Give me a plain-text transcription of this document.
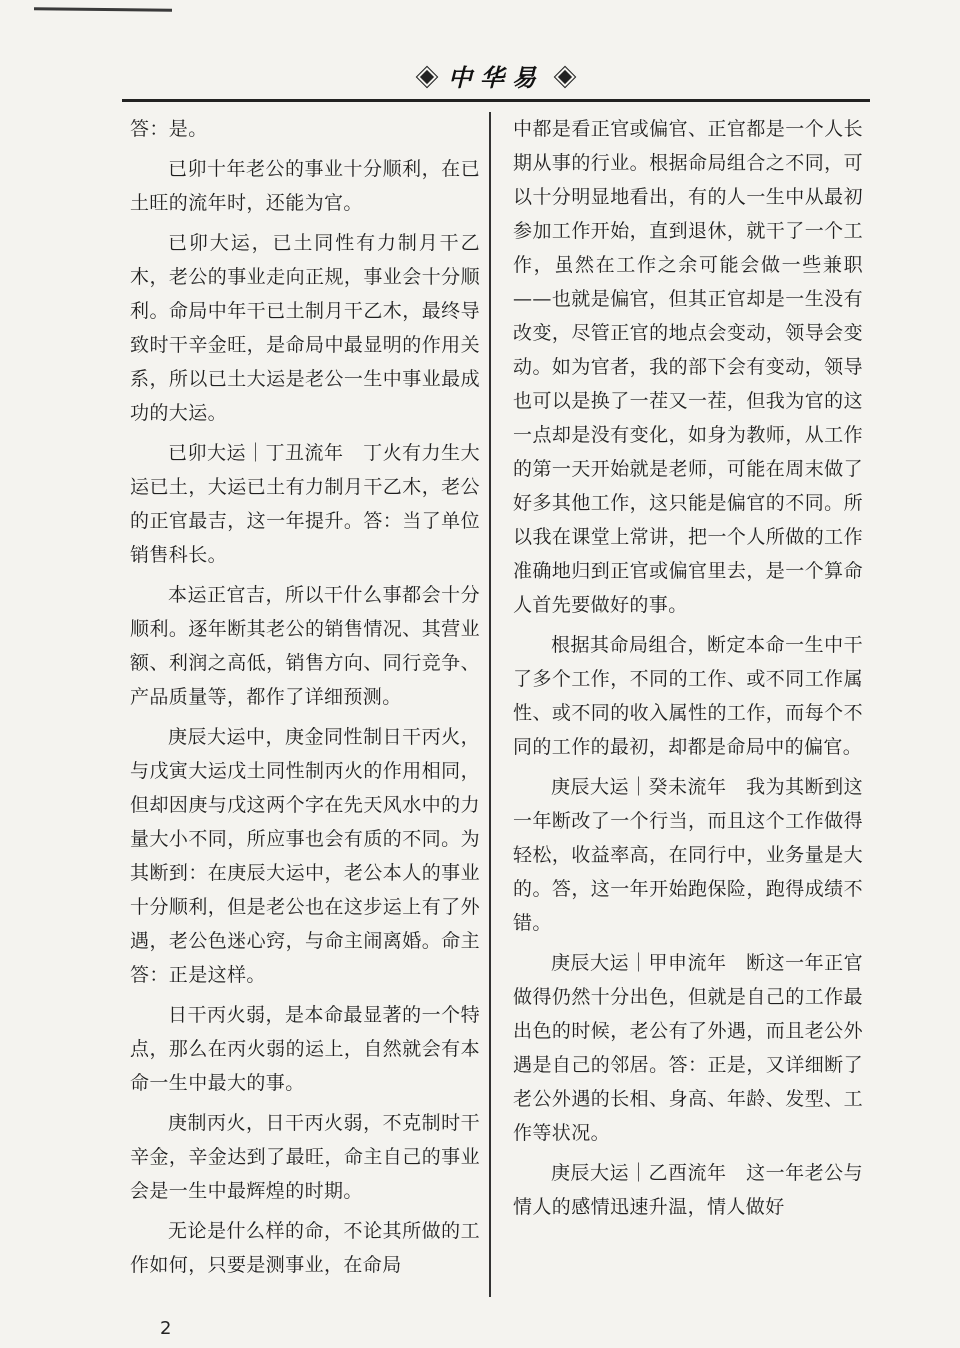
中华易

答：是。

已卯十年老公的事业十分顺利，在已土旺的流年时，还能为官。

已卯大运，已土同性有力制月干乙木，老公的事业走向正规，事业会十分顺利。命局中年干已土制月干乙木，最终导致时干辛金旺，是命局中最显明的作用关系，所以已土大运是老公一生中事业最成功的大运。

已卯大运｜丁丑流年　丁火有力生大运已土，大运已土有力制月干乙木，老公的正官最吉，这一年提升。答：当了单位销售科长。

本运正官吉，所以干什么事都会十分顺利。逐年断其老公的销售情况、其营业额、利润之高低，销售方向、同行竞争、产品质量等，都作了详细预测。

庚辰大运中，庚金同性制日干丙火，与戊寅大运戊土同性制丙火的作用相同，但却因庚与戊这两个字在先天风水中的力量大小不同，所应事也会有质的不同。为其断到：在庚辰大运中，老公本人的事业十分顺利，但是老公也在这步运上有了外遇，老公色迷心窍，与命主闹离婚。命主答：正是这样。

日干丙火弱，是本命最显著的一个特点，那么在丙火弱的运上，自然就会有本命一生中最大的事。

庚制丙火，日干丙火弱，不克制时干辛金，辛金达到了最旺，命主自己的事业会是一生中最辉煌的时期。

无论是什么样的命，不论其所做的工作如何，只要是测事业，在命局

中都是看正官或偏官、正官都是一个人长期从事的行业。根据命局组合之不同，可以十分明显地看出，有的人一生中从最初参加工作开始，直到退休，就干了一个工作，虽然在工作之余可能会做一些兼职——也就是偏官，但其正官却是一生没有改变，尽管正官的地点会变动，领导会变动。如为官者，我的部下会有变动，领导也可以是换了一茬又一茬，但我为官的这一点却是没有变化，如身为教师，从工作的第一天开始就是老师，可能在周末做了好多其他工作，这只能是偏官的不同。所以我在课堂上常讲，把一个人所做的工作准确地归到正官或偏官里去，是一个算命人首先要做好的事。

根据其命局组合，断定本命一生中干了多个工作，不同的工作、或不同工作属性、或不同的收入属性的工作，而每个不同的工作的最初，却都是命局中的偏官。

庚辰大运｜癸未流年　我为其断到这一年断改了一个行当，而且这个工作做得轻松，收益率高，在同行中，业务量是大的。答，这一年开始跑保险，跑得成绩不错。

庚辰大运｜甲申流年　断这一年正官做得仍然十分出色，但就是自己的工作最出色的时候，老公有了外遇，而且老公外遇是自己的邻居。答：正是，又详细断了老公外遇的长相、身高、年龄、发型、工作等状况。

庚辰大运｜乙酉流年　这一年老公与情人的感情迅速升温，情人做好

2
